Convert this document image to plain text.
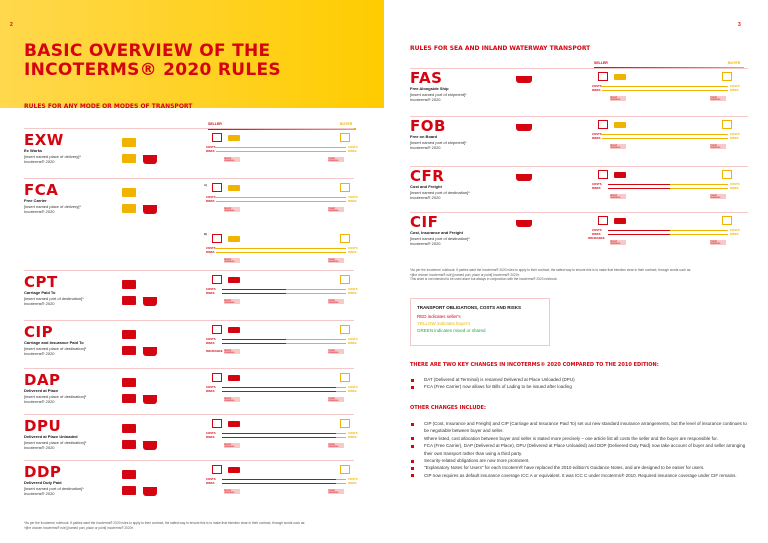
2
BASIC OVERVIEW OF THE
INCOTERMS® 2020 RULES
RULES FOR ANY MODE OR MODES OF TRANSPORT
SELLER	BUYER
EXW
Ex Works
[insert named place of delivery]*
Incoterms® 2020
COSTS
RISKS
COSTS
RISKS
Export clearance
Import clearance
FCA
Free Carrier
[insert named place of delivery]*
Incoterms® 2020
COSTS
RISKS
COSTS
RISKS
Export clearance
Import clearance
CPT
Carriage Paid To
[insert named port of destination]*
Incoterms® 2020
COSTS
RISKS
COSTS
RISKS
Export clearance
Import clearance
CIP
Carriage and Insurance Paid To
[insert named place of destination]*
Incoterms® 2020
COSTS
RISKS
COSTS
RISKS
Export clearance
Import clearance
DAP
Delivered at Place
[insert named place of destination]*
Incoterms® 2020
COSTS
RISKS
COSTS
RISKS
Export clearance
Import clearance
DPU
Delivered at Place Unloaded
[insert named place of destination]*
Incoterms® 2020
COSTS
RISKS
COSTS
RISKS
Export clearance
Import clearance
DDP
Delivered Duty Paid
[insert named port of destination]*
Incoterms® 2020
COSTS
RISKS
COSTS
RISKS
Export clearance
Import clearance
A)
B)
COSTS
RISKS
COSTS
RISKS
Export clearance
Import clearance
INSURANCE
*As per the Incoterms' rulebook: If parties want the Incoterms® 2020 rules to apply to their contract, the safest way to ensure this is to make that intention clear in their contract, through words such as:
«[the chosen Incoterms® rule] [named port, place or point] Incoterms® 2020».
3
RULES FOR SEA AND INLAND WATERWAY TRANSPORT
SELLER	BUYER
FAS
Free Alongside Ship
[insert named port of shipment]*
Incoterms® 2020
COSTS
RISKS
COSTS
RISKS
Export clearance
Import clearance
FOB
Free on Board
[insert named port of shipment]*
Incoterms® 2020
COSTS
RISKS
COSTS
RISKS
Export clearance
Import clearance
CFR
Cost and Freight
[insert named port of destination]*
Incoterms® 2020
COSTS
RISKS
COSTS
RISKS
Export clearance
Import clearance
CIF
Cost, Insurance and Freight
[insert named port of destination]*
Incoterms® 2020
COSTS
RISKS
COSTS
RISKS
Export clearance
Import clearance
INSURANCE
*As per the Incoterms' rulebook: If parties want the Incoterms® 2020 rules to apply to their contract, the safest way to ensure this is to make that intention clear in their contract, through words such as:
«[the chosen Incoterms® rule] [named port, place or point] Incoterms® 2020».
This chart is not intended to be used alone but always in conjunction with the Incoterms® 2020 rulebook.
TRANSPORT OBLIGATIONS, COSTS AND RISKS
RED indicates seller's
YELLOW indicates buyer's
GREEN indicates mixed or shared
THERE ARE TWO KEY CHANGES IN INCOTERMS® 2020 COMPARED TO THE 2010 EDITION:
DAT (Delivered at Terminal) is renamed Delivered at Place Unloaded (DPU)
FCA (Free Carrier) now allows for Bills of Lading to be issued after loading
OTHER CHANGES INCLUDE:
CIP (Cost, Insurance and Freight) and CIP (Carriage and Insurance Paid To) set out new standard insurance arrangements, but the level of insurance continues to be negotiable between buyer and seller.
Where listed, cost allocation between buyer and seller is stated more precisely – one article list all costs the seller and the buyer are responsible for.
FCA (Free Carrier), DAP (Delivered at Place), DPU (Delivered at Place Unloaded) and DDP (Delivered Duty Paid) now take account of buyer and seller arranging their own transport rather than using a third party.
Security-related obligations are now more prominent.
"Explanatory Notes for Users" for each Incoterm® have replaced the 2010 edition's Guidance Notes, and are designed to be easier for users.
CIP now requires as default insurance coverage ICC A or equivalent. It was ICC C under Incoterms® 2010. Required insurance coverage under CIF remains.
